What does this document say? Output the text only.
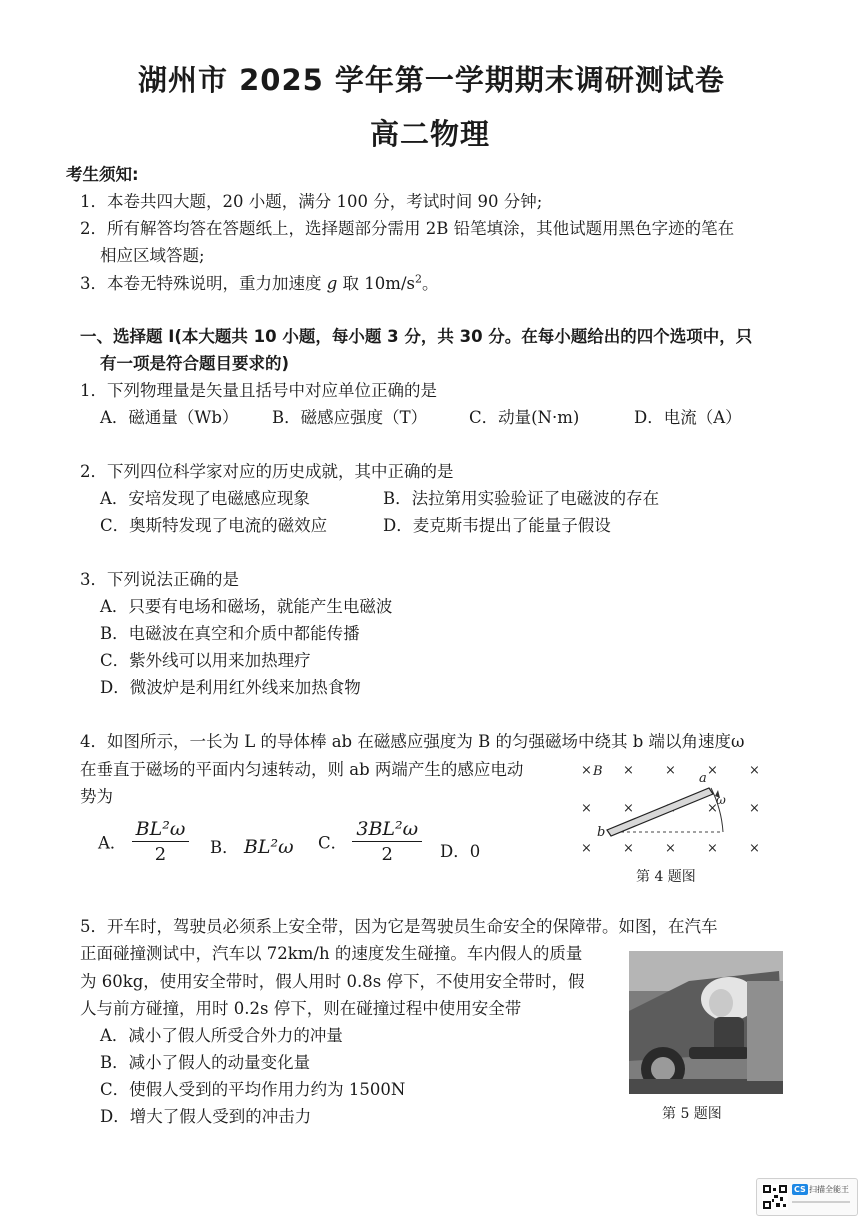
湖州市 2025 学年第一学期期末调研测试卷
高二物理
考生须知:
1．本卷共四大题，20 小题，满分 100 分，考试时间 90 分钟;
2．所有解答均答在答题纸上，选择题部分需用 2B 铅笔填涂，其他试题用黑色字迹的笔在
相应区域答题;
3．本卷无特殊说明，重力加速度 g 取 $10m/s^2$。
一、选择题 I(本大题共 10 小题，每小题 3 分，共 30 分。在每小题给出的四个选项中，只
有一项是符合题目要求的)
1．下列物理量是矢量且括号中对应单位正确的是
A．磁通量（Wb） B．磁感应强度（T）	C．动量(N·m)	D．电流（A）
2．下列四位科学家对应的历史成就，其中正确的是
A．安培发现了电磁感应现象	B．法拉第用实验验证了电磁波的存在
C．奥斯特发现了电流的磁效应	D．麦克斯韦提出了能量子假设
3．下列说法正确的是
A．只要有电场和磁场，就能产生电磁波
B．电磁波在真空和介质中都能传播
C．紫外线可以用来加热理疗
D．微波炉是利用红外线来加热食物
4．如图所示，一长为 L 的导体棒 ab 在磁感应强度为 B 的匀强磁场中绕其 b 端以角速度ω
在垂直于磁场的平面内匀速转动，则 ab 两端产生的感应电动
势为
A． $\frac{\text{BL²ω}}{2}$ B． BL²ω C． $\frac{\text{3BL²ω}}{2}$ D．0
× B × × × ×
× ×	× ×
× × × × ×
a
b
ω
第 4 题图
5．开车时，驾驶员必须系上安全带，因为它是驾驶员生命安全的保障带。如图，在汽车
正面碰撞测试中，汽车以 72km/h 的速度发生碰撞。车内假人的质量
为 60kg，使用安全带时，假人用时 0.8s 停下，不使用安全带时，假
人与前方碰撞，用时 0.2s 停下，则在碰撞过程中使用安全带
A．减小了假人所受合外力的冲量
B．减小了假人的动量变化量
C．使假人受到的平均作用力约为 1500N
D．增大了假人受到的冲击力	第 5 题图
CS 扫描全能王
